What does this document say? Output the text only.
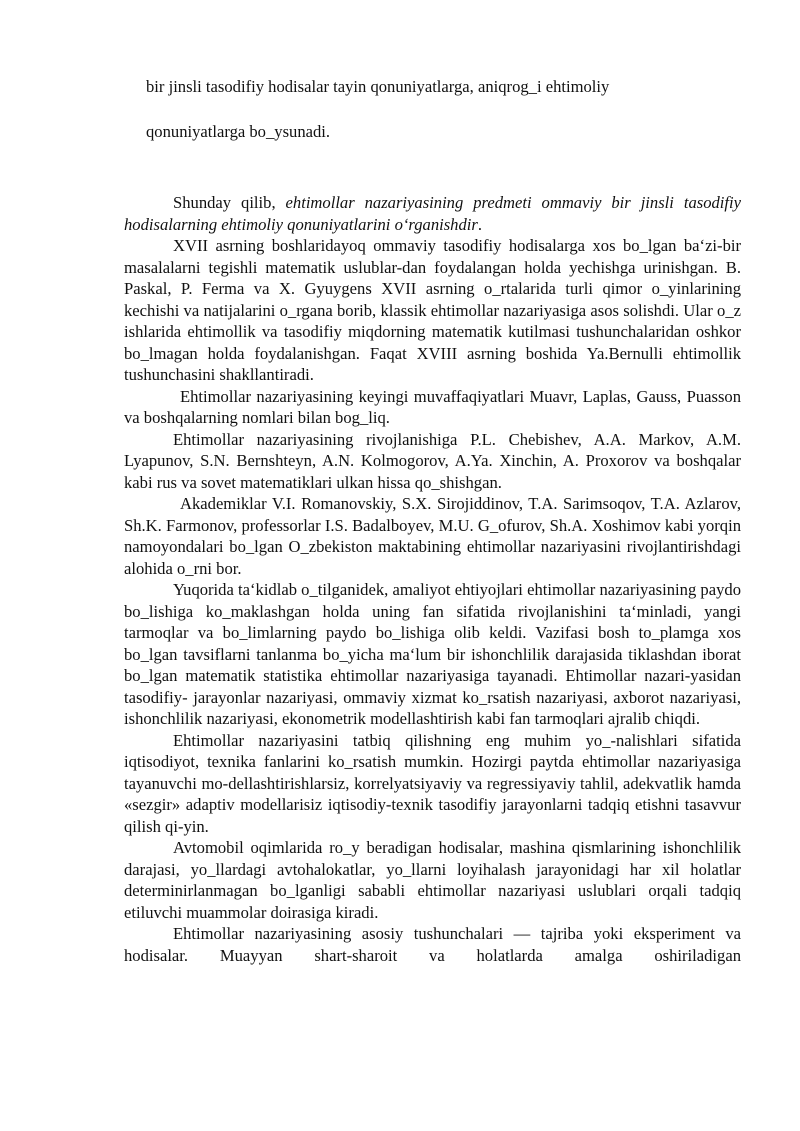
bir jinsli tasodifiy hodisalar tayin qonuniyatlarga, aniqrog_i ehtimoliy
qonuniyatlarga bo_ysunadi.

Shunday qilib, ehtimollar nazariyasining predmeti ommaviy bir jinsli tasodifiy hodisalarning ehtimoliy qonuniyatlarini o‘rganishdir.

XVII asrning boshlaridayoq ommaviy tasodifiy hodisalarga xos bo_lgan ba‘zi-bir masalalarni tegishli matematik uslublar-dan foydalangan holda yechishga urinishgan. B. Paskal, P. Ferma va X. Gyuygens XVII asrning o_rtalarida turli qimor o_yinlarining kechishi va natijalarini o_rgana borib, klassik ehtimollar nazariyasiga asos solishdi. Ular o_z ishlarida ehtimollik va tasodifiy miqdorning matematik kutilmasi tushunchalaridan oshkor bo_lmagan holda foydalanishgan. Faqat XVIII asrning boshida Ya.Bernulli ehtimollik tushunchasini shakllantiradi.

Ehtimollar nazariyasining keyingi muvaffaqiyatlari Muavr, Laplas, Gauss, Puasson va boshqalarning nomlari bilan bog_liq.

Ehtimollar nazariyasining rivojlanishiga P.L. Chebishev, A.A. Markov, A.M. Lyapunov, S.N. Bernshteyn, A.N. Kolmogorov, A.Ya. Xinchin, A. Proxorov va boshqalar kabi rus va sovet matematiklari ulkan hissa qo_shishgan.

Akademiklar V.I. Romanovskiy, S.X. Sirojiddinov, T.A. Sarimsoqov, T.A. Azlarov, Sh.K. Farmonov, professorlar I.S. Badalboyev, M.U. G_ofurov, Sh.A. Xoshimov kabi yorqin namoyondalari bo_lgan O_zbekiston maktabining ehtimollar nazariyasini rivojlantirishdagi alohida o_rni bor.

Yuqorida ta‘kidlab o_tilganidek, amaliyot ehtiyojlari ehtimollar nazariyasining paydo bo_lishiga ko_maklashgan holda uning fan sifatida rivojlanishini ta‘minladi, yangi tarmoqlar va bo_limlarning paydo bo_lishiga olib keldi. Vazifasi bosh to_plamga xos bo_lgan tavsiflarni tanlanma bo_yicha ma‘lum bir ishonchlilik darajasida tiklashdan iborat bo_lgan matematik statistika ehtimollar nazariyasiga tayanadi. Ehtimollar nazari-yasidan tasodifiy- jarayonlar nazariyasi, ommaviy xizmat ko_rsatish nazariyasi, axborot nazariyasi, ishonchlilik nazariyasi, ekonometrik modellashtirish kabi fan tarmoqlari ajralib chiqdi.

Ehtimollar nazariyasini tatbiq qilishning eng muhim yo_-nalishlari sifatida iqtisodiyot, texnika fanlarini ko_rsatish mumkin. Hozirgi paytda ehtimollar nazariyasiga tayanuvchi mo-dellashtirishlarsiz, korrelyatsiyaviy va regressiyaviy tahlil, adekvatlik hamda «sezgir» adaptiv modellarisiz iqtisodiy-texnik tasodifiy jarayonlarni tadqiq etishni tasavvur qilish qi-yin.

Avtomobil oqimlarida ro_y beradigan hodisalar, mashina qismlarining ishonchlilik darajasi, yo_llardagi avtohalokatlar, yo_llarni loyihalash jarayonidagi har xil holatlar determinirlanmagan bo_lganligi sababli ehtimollar nazariyasi uslublari orqali tadqiq etiluvchi muammolar doirasiga kiradi.

Ehtimollar nazariyasining asosiy tushunchalari — tajriba yoki eksperiment va hodisalar. Muayyan shart-sharoit va holatlarda amalga oshiriladigan
